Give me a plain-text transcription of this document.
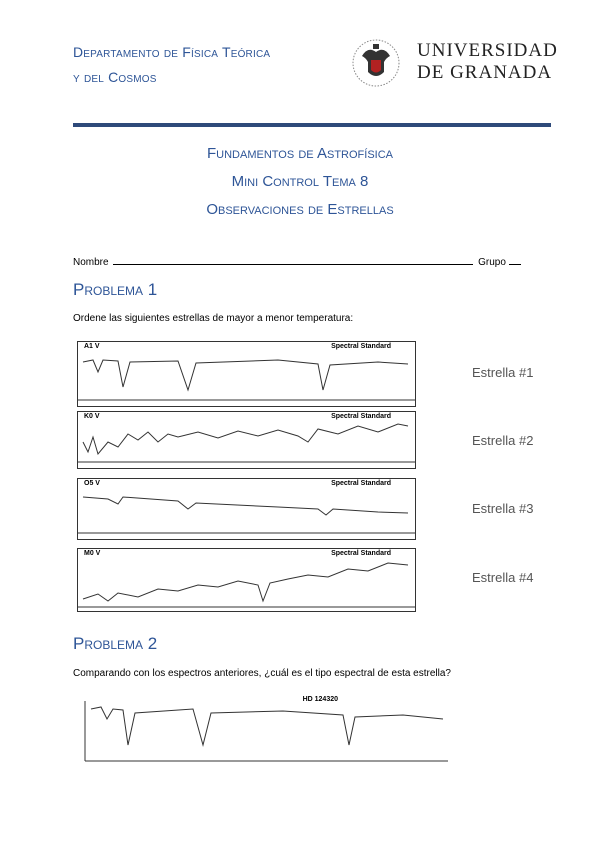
Departamento de Física Teórica
y del Cosmos
UNIVERSIDAD
DE GRANADA
Fundamentos de Astrofísica
Mini Control Tema 8
Observaciones de Estrellas
Nombre	Grupo
Problema 1
Ordene las siguientes estrellas de mayor a menor temperatura:
A1 V	Spectral Standard
Estrella #1
K0 V	Spectral Standard
Estrella #2
O5 V	Spectral Standard
Estrella #3
M0 V	Spectral Standard
Estrella #4
Problema 2
Comparando con los espectros anteriores, ¿cuál es el tipo espectral de esta estrella?
HD 124320
